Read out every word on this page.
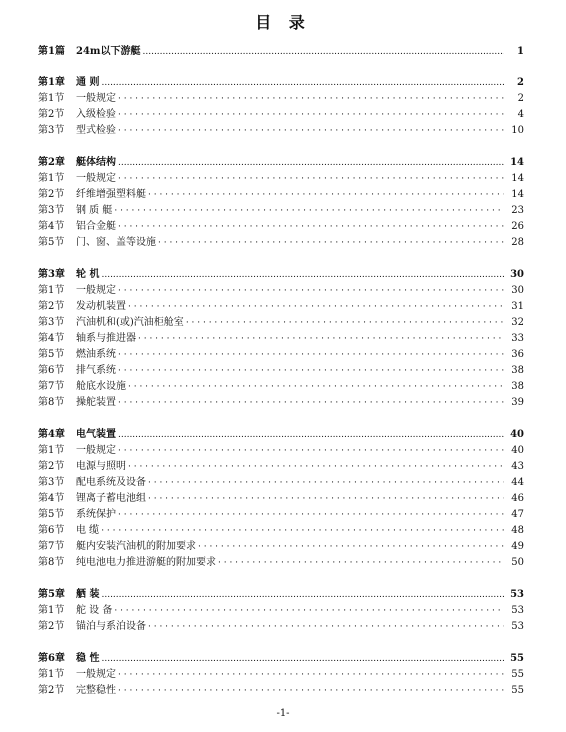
目 录
第1篇	24m以下游艇 .....	1
第1章	通 则 .....	2
第1节	一般规定 · · ·	2
第2节	入级检验 · · ·	4
第3节	型式检验 · · ·	10
第2章	艇体结构 .....	14
第1节	一般规定 · · ·	14
第2节	纤维增强塑料艇 · · ·	14
第3节	钢 质 艇 · · ·	23
第4节	铝合金艇 · · ·	26
第5节	门、窗、盖等设施 · · ·	28
第3章	轮 机 .....	30
第1节	一般规定 · · ·	30
第2节	发动机装置 · · ·	31
第3节	汽油机和(或)汽油柜舱室 · · ·	32
第4节	轴系与推进器 · · ·	33
第5节	燃油系统 · · ·	36
第6节	排气系统 · · ·	38
第7节	舱底水设施 · · ·	38
第8节	操舵装置 · · ·	39
第4章	电气装置 .....	40
第1节	一般规定 · · ·	40
第2节	电源与照明 · · ·	43
第3节	配电系统及设备 · · ·	44
第4节	锂离子蓄电池组 · · ·	46
第5节	系统保护 · · ·	47
第6节	电 缆 · · ·	48
第7节	艇内安装汽油机的附加要求 · · ·	49
第8节	纯电池电力推进游艇的附加要求 · · ·	50
第5章	舾 装 .....	53
第1节	舵 设 备 · · ·	53
第2节	锚泊与系泊设备 · · ·	53
第6章	稳 性 .....	55
第1节	一般规定 · · ·	55
第2节	完整稳性 · · ·	55
-1-
